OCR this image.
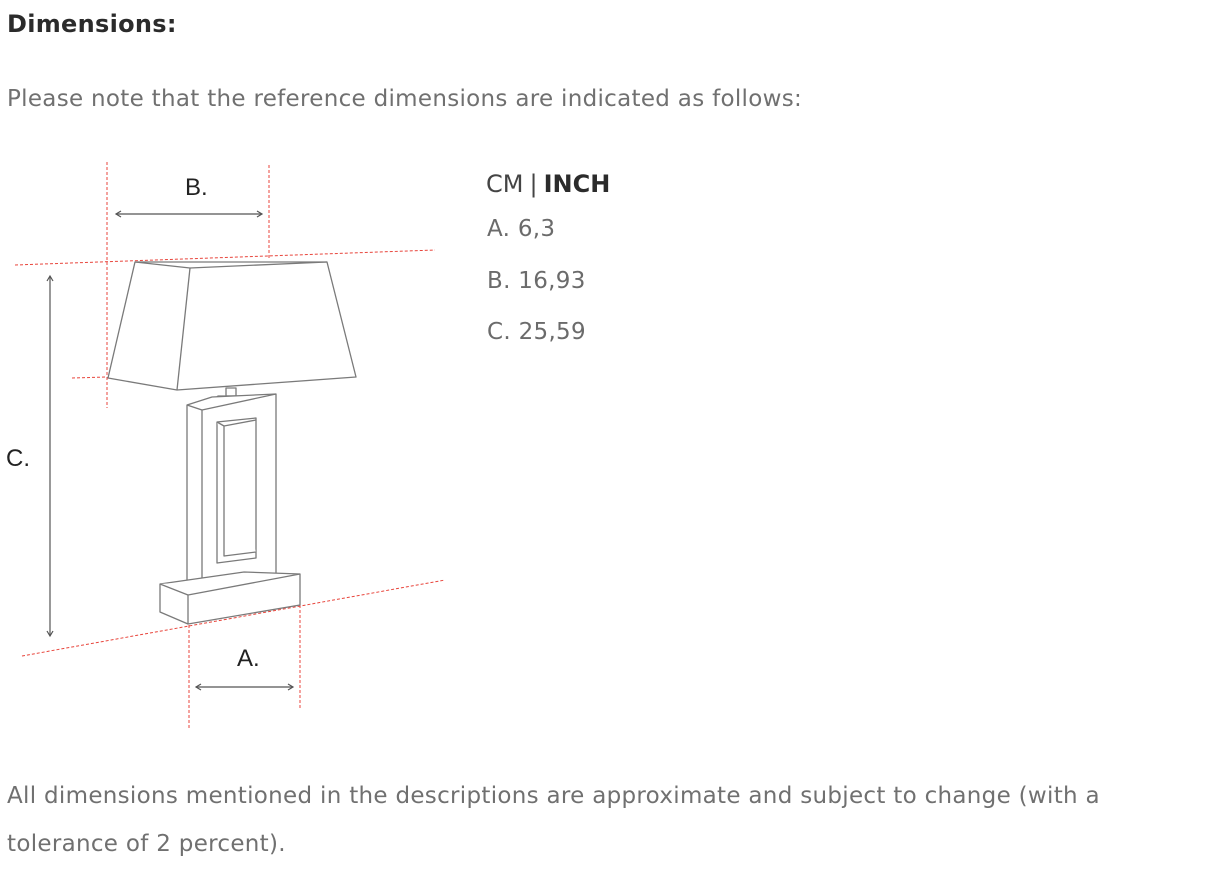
Dimensions:
Please note that the reference dimensions are indicated as follows:
B.
C.
A.
CM | INCH
A. 6,3
B. 16,93
C. 25,59
All dimensions mentioned in the descriptions are approximate and subject to change (with a tolerance of 2 percent).
